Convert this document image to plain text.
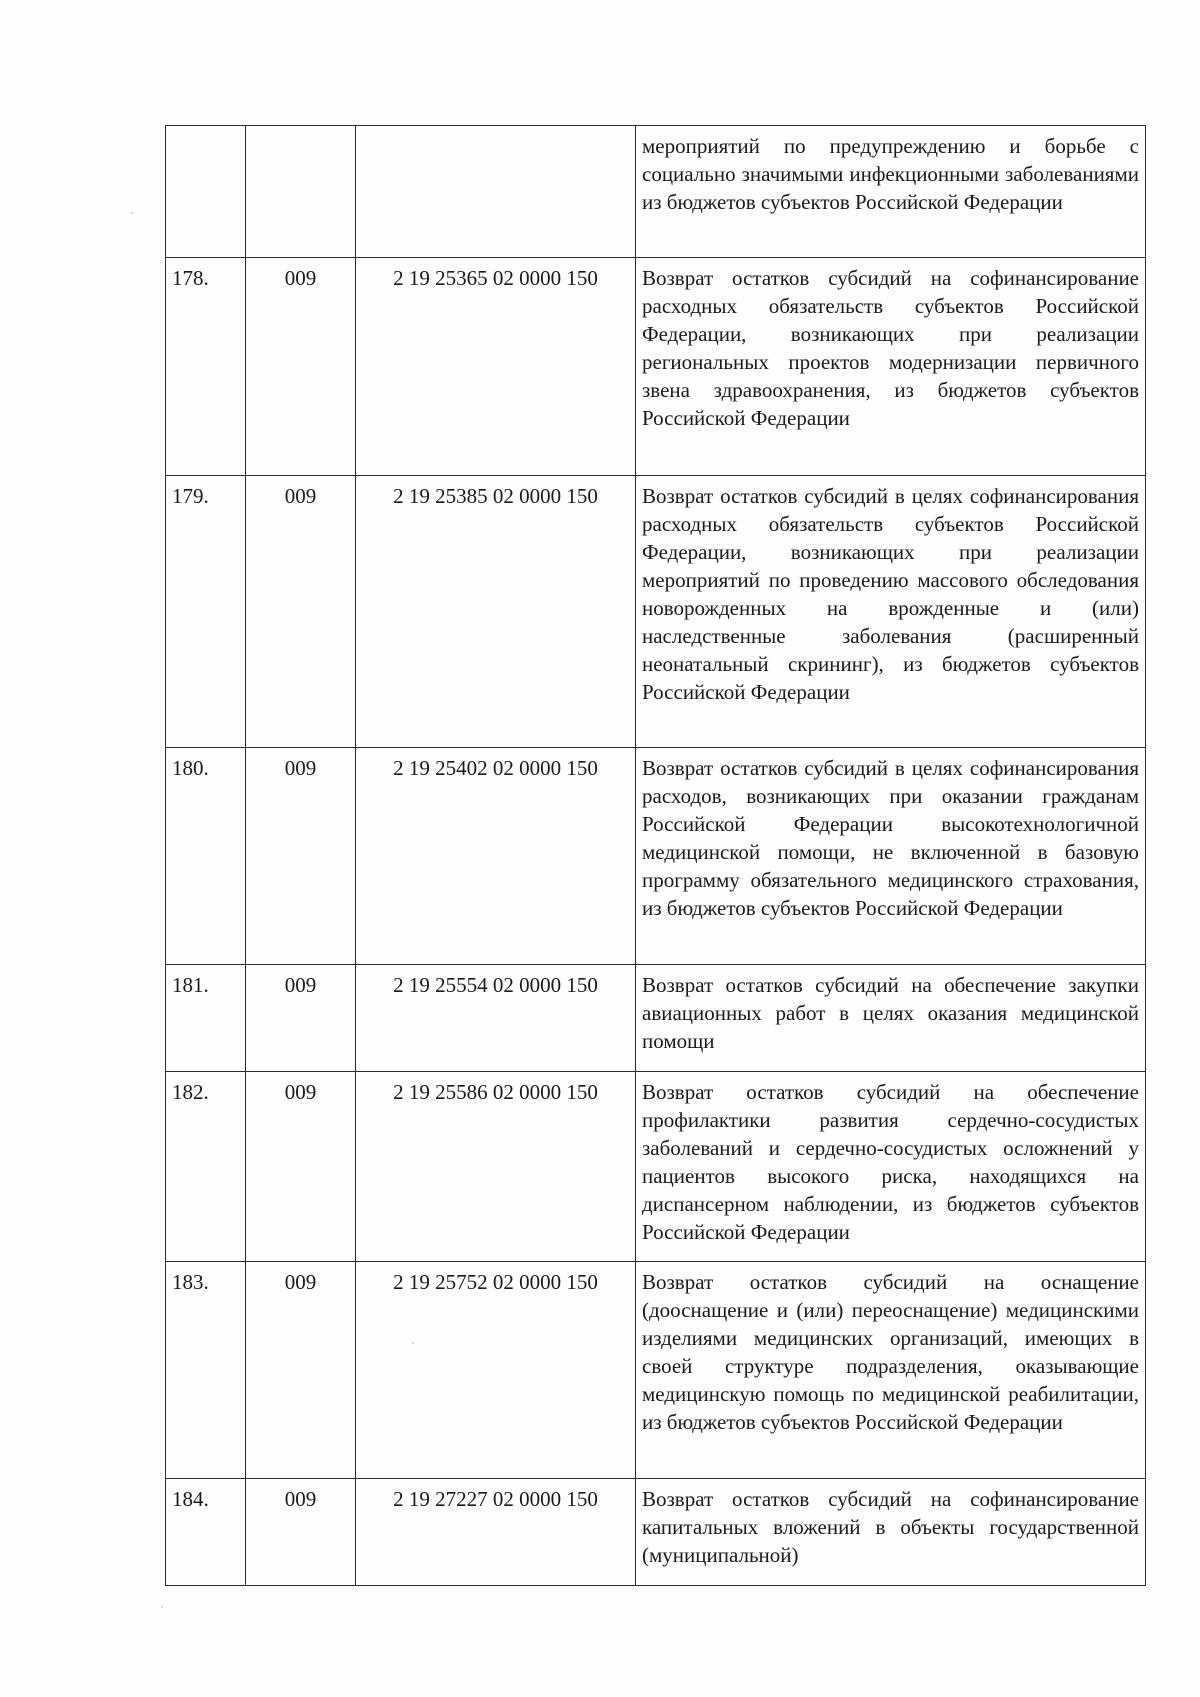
			мероприятий по предупреждению и борьбе с социально значимыми инфекционными заболеваниями из бюджетов субъектов Российской Федерации
178.	009	2 19 25365 02 0000 150	Возврат остатков субсидий на софинансирование расходных обязательств субъектов Российской Федерации, возникающих при реализации региональных проектов модернизации первичного звена здравоохранения, из бюджетов субъектов Российской Федерации
179.	009	2 19 25385 02 0000 150	Возврат остатков субсидий в целях софинансирования расходных обязательств субъектов Российской Федерации, возникающих при реализации мероприятий по проведению массового обследования новорожденных на врожденные и (или) наследственные заболевания (расширенный неонатальный скрининг), из бюджетов субъектов Российской Федерации
180.	009	2 19 25402 02 0000 150	Возврат остатков субсидий в целях софинансирования расходов, возникающих при оказании гражданам Российской Федерации высокотехнологичной медицинской помощи, не включенной в базовую программу обязательного медицинского страхования, из бюджетов субъектов Российской Федерации
181.	009	2 19 25554 02 0000 150	Возврат остатков субсидий на обеспечение закупки авиационных работ в целях оказания медицинской помощи
182.	009	2 19 25586 02 0000 150	Возврат остатков субсидий на обеспечение профилактики развития сердечно-сосудистых заболеваний и сердечно-сосудистых осложнений у пациентов высокого риска, находящихся на диспансерном наблюдении, из бюджетов субъектов Российской Федерации
183.	009	2 19 25752 02 0000 150	Возврат остатков субсидий на оснащение (дооснащение и (или) переоснащение) медицинскими изделиями медицинских организаций, имеющих в своей структуре подразделения, оказывающие медицинскую помощь по медицинской реабилитации, из бюджетов субъектов Российской Федерации
184.	009	2 19 27227 02 0000 150	Возврат остатков субсидий на софинансирование капитальных вложений в объекты государственной (муниципальной)
